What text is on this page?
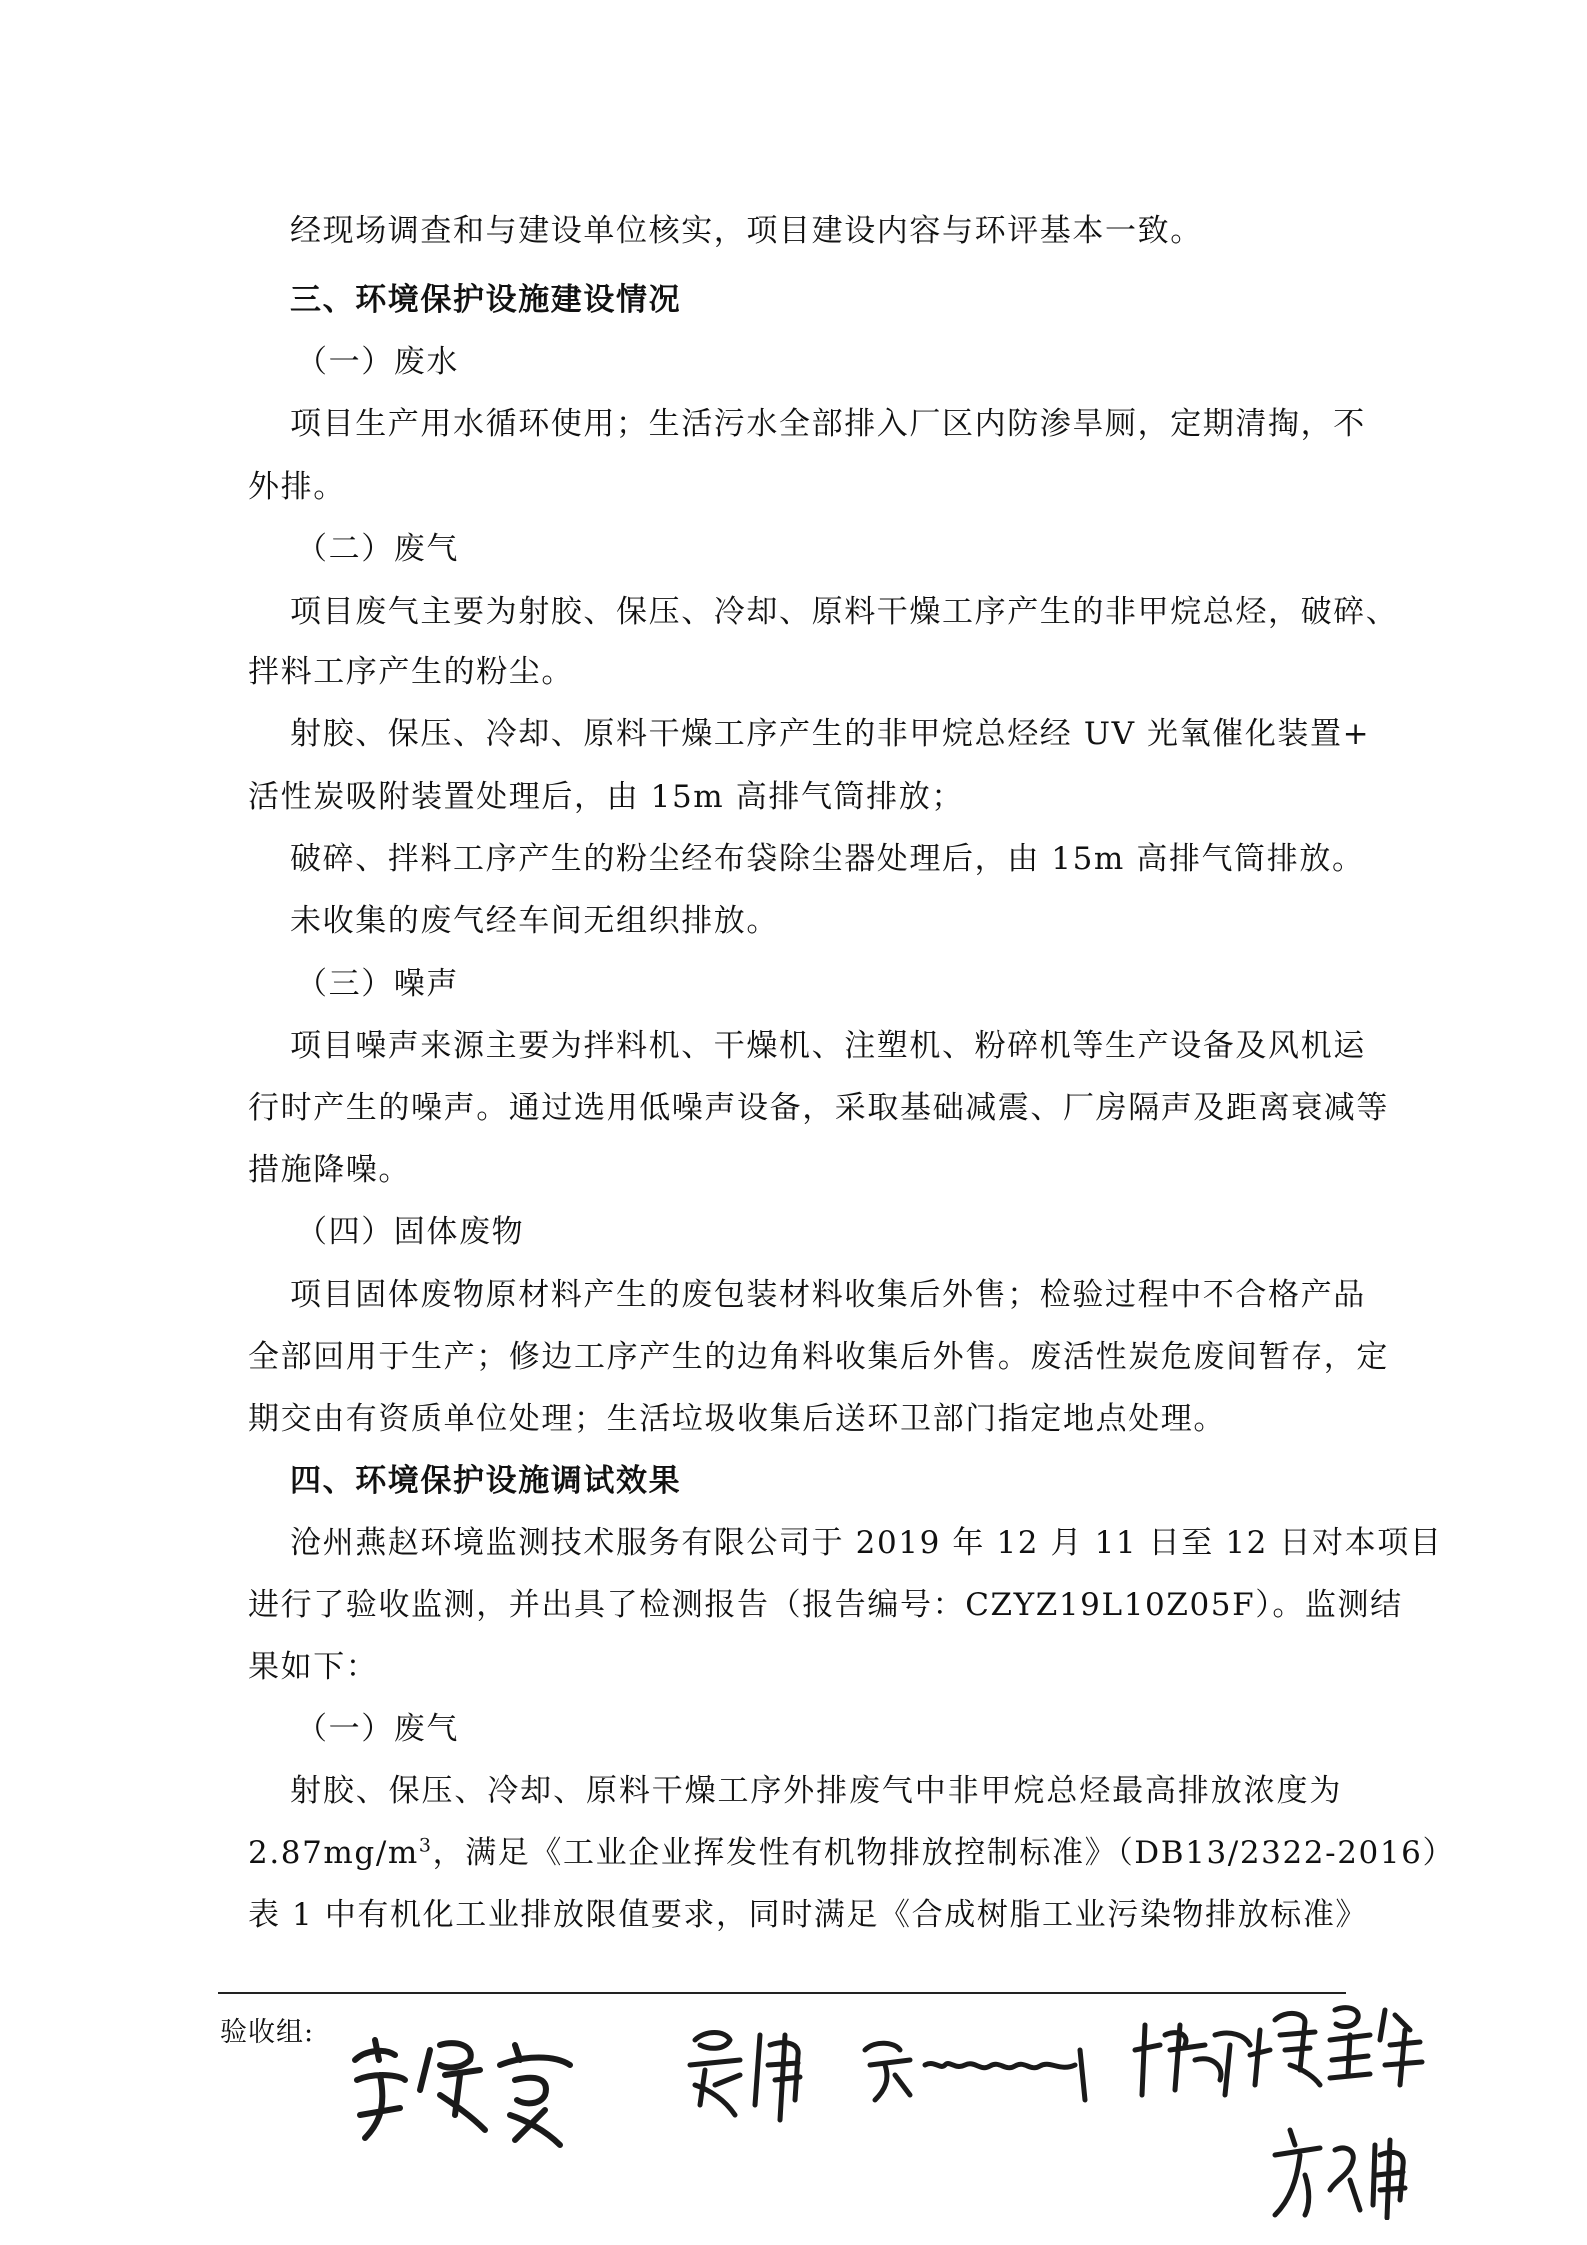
经现场调查和与建设单位核实，项目建设内容与环评基本一致。
三、环境保护设施建设情况
（一）废水
项目生产用水循环使用；生活污水全部排入厂区内防渗旱厕，定期清掏，不
外排。
（二）废气
项目废气主要为射胶、保压、冷却、原料干燥工序产生的非甲烷总烃，破碎、
拌料工序产生的粉尘。
射胶、保压、冷却、原料干燥工序产生的非甲烷总烃经 UV 光氧催化装置+
活性炭吸附装置处理后，由 15m 高排气筒排放；
破碎、拌料工序产生的粉尘经布袋除尘器处理后，由 15m 高排气筒排放。
未收集的废气经车间无组织排放。
（三）噪声
项目噪声来源主要为拌料机、干燥机、注塑机、粉碎机等生产设备及风机运
行时产生的噪声。通过选用低噪声设备，采取基础减震、厂房隔声及距离衰减等
措施降噪。
（四）固体废物
项目固体废物原材料产生的废包装材料收集后外售；检验过程中不合格产品
全部回用于生产；修边工序产生的边角料收集后外售。废活性炭危废间暂存，定
期交由有资质单位处理；生活垃圾收集后送环卫部门指定地点处理。
四、环境保护设施调试效果
沧州燕赵环境监测技术服务有限公司于 2019 年 12 月 11 日至 12 日对本项目
进行了验收监测，并出具了检测报告（报告编号：CZYZ19L10Z05F）。监测结
果如下：
（一）废气
射胶、保压、冷却、原料干燥工序外排废气中非甲烷总烃最高排放浓度为
$2.87mg/m^3$，满足《工业企业挥发性有机物排放控制标准》（DB13/2322-2016）
表 1 中有机化工业排放限值要求，同时满足《合成树脂工业污染物排放标准》
验收组:
